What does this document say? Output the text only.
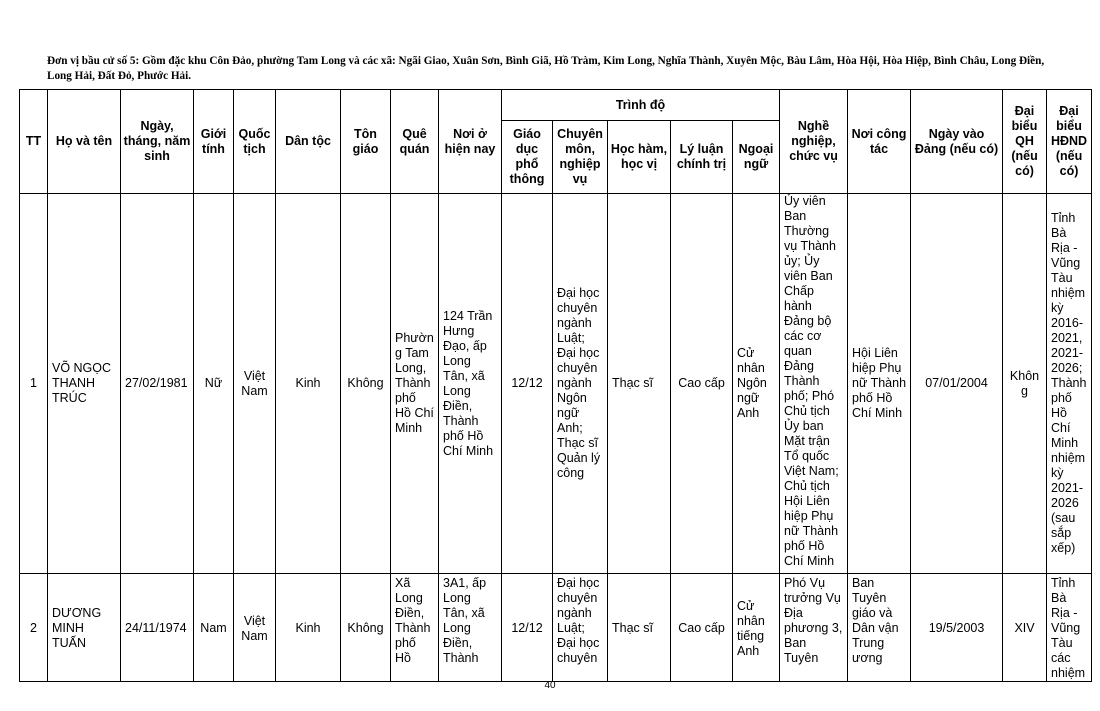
Đơn vị bầu cử số 5: Gồm đặc khu Côn Đảo, phường Tam Long và các xã: Ngãi Giao, Xuân Sơn, Bình Giã, Hồ Tràm, Kim Long, Nghĩa Thành, Xuyên Mộc, Bàu Lâm, Hòa Hội, Hòa Hiệp, Bình Châu, Long Điền, Long Hải, Đất Đỏ, Phước Hải.

TT	Họ và tên	Ngày, tháng, năm sinh	Giới tính	Quốc tịch	Dân tộc	Tôn giáo	Quê quán	Nơi ở hiện nay	Trình độ					Nghề nghiệp, chức vụ	Nơi công tác	Ngày vào Đảng (nếu có)	Đại biểu QH (nếu có)	Đại biểu HĐND (nếu có)
									Giáo dục phổ thông	Chuyên môn, nghiệp vụ	Học hàm, học vị	Lý luận chính trị	Ngoại ngữ					
1	VÕ NGỌC THANH TRÚC	27/02/1981	Nữ	Việt Nam	Kinh	Không	Phường Tam Long, Thành phố Hồ Chí Minh	124 Trần Hưng Đạo, ấp Long Tân, xã Long Điền, Thành phố Hồ Chí Minh	12/12	Đại học chuyên ngành Luật; Đại học chuyên ngành Ngôn ngữ Anh; Thạc sĩ Quản lý công	Thạc sĩ	Cao cấp	Cử nhân Ngôn ngữ Anh	Ủy viên Ban Thường vụ Thành ủy; Ủy viên Ban Chấp hành Đảng bộ các cơ quan Đảng Thành phố; Phó Chủ tịch Ủy ban Mặt trận Tổ quốc Việt Nam; Chủ tịch Hội Liên hiệp Phụ nữ Thành phố Hồ Chí Minh	Hội Liên hiệp Phụ nữ Thành phố Hồ Chí Minh	07/01/2004	Không	Tỉnh Bà Rịa - Vũng Tàu nhiệm kỳ 2016-2021, 2021-2026; Thành phố Hồ Chí Minh nhiệm kỳ 2021-2026 (sau sắp xếp)
2	DƯƠNG MINH TUẤN	24/11/1974	Nam	Việt Nam	Kinh	Không	Xã Long Điền, Thành phố Hồ	3A1, ấp Long Tân, xã Long Điền, Thành	12/12	Đại học chuyên ngành Luật; Đại học chuyên	Thạc sĩ	Cao cấp	Cử nhân tiếng Anh	Phó Vụ trưởng Vụ Địa phương 3, Ban Tuyên	Ban Tuyên giáo và Dân vận Trung ương	19/5/2003	XIV	Tỉnh Bà Rịa - Vũng Tàu các nhiệm
40
